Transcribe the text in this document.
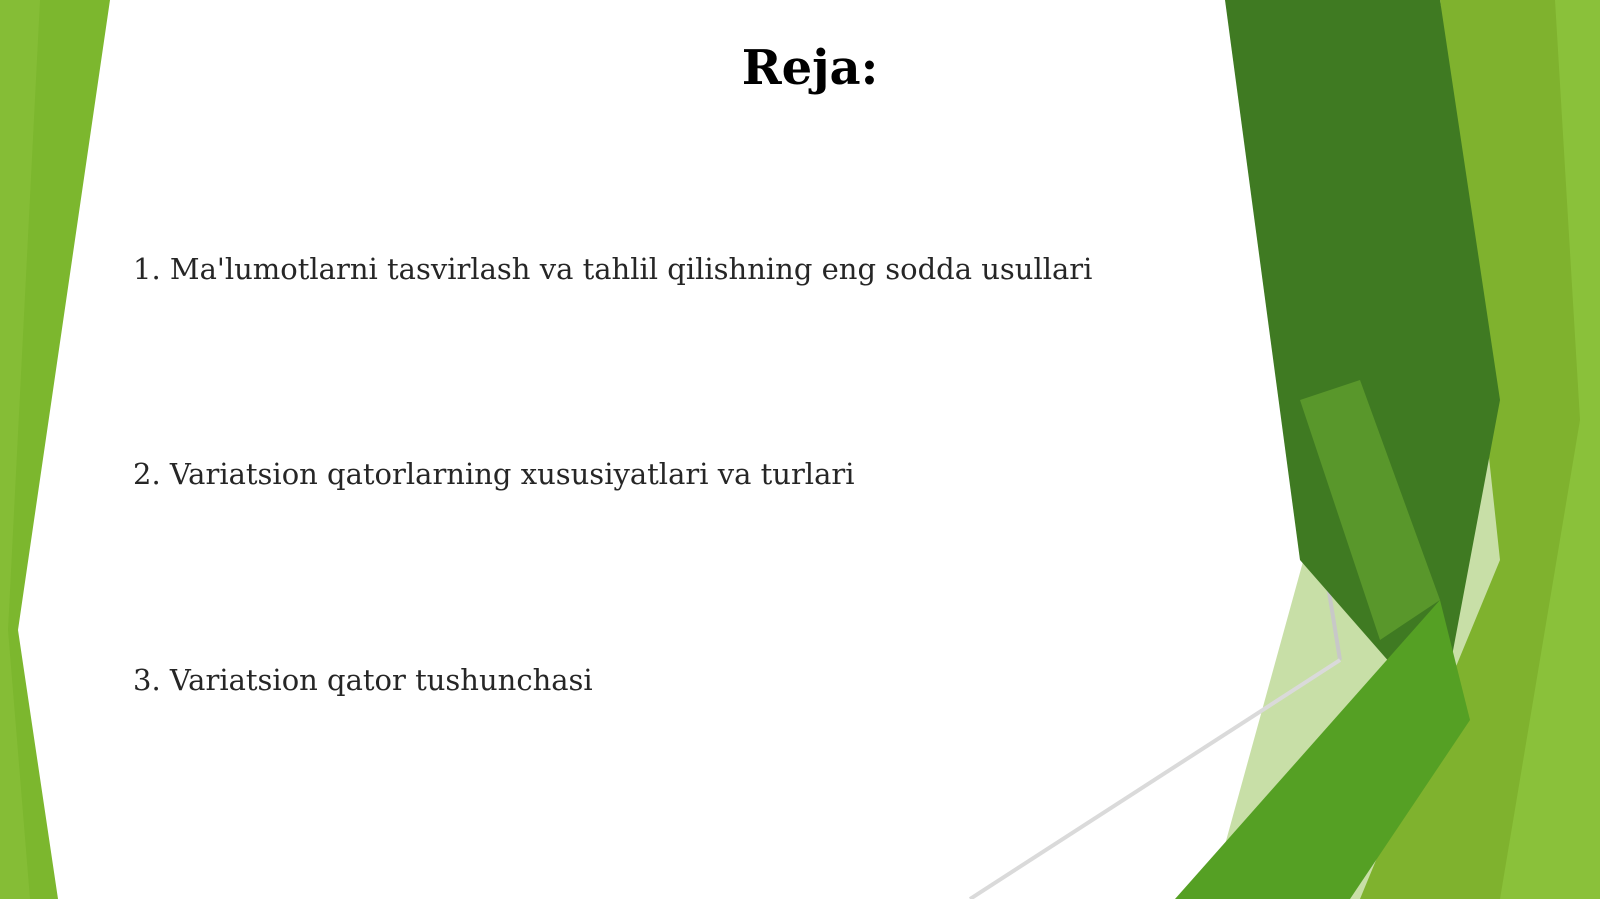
Reja:
1. Ma'lumotlarni tasvirlash va tahlil qilishning eng sodda usullari
2. Variatsion qatorlarning xususiyatlari va turlari
3. Variatsion qator tushunchasi
